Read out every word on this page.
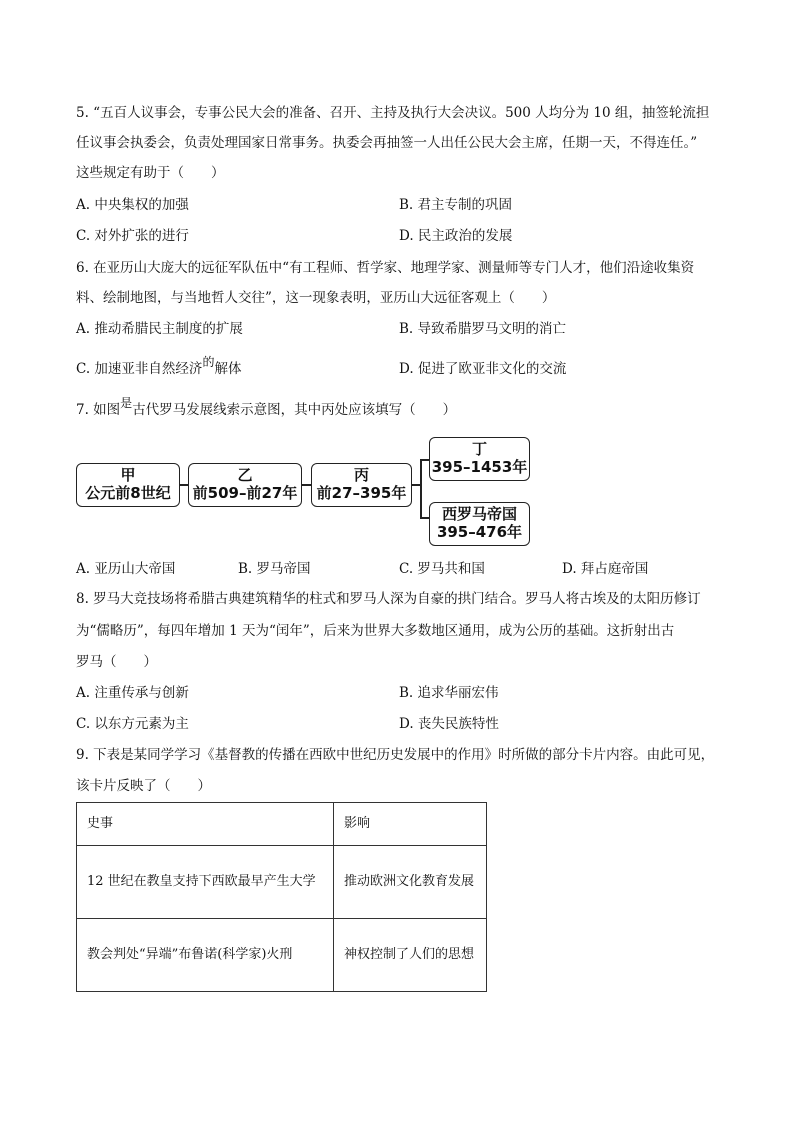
5. “五百人议事会，专事公民大会的准备、召开、主持及执行大会决议。500 人均分为 10 组，抽签轮流担
任议事会执委会，负责处理国家日常事务。执委会再抽签一人出任公民大会主席，任期一天，不得连任。”
这些规定有助于（　　）
A. 中央集权的加强	B. 君主专制的巩固
C. 对外扩张的进行	D. 民主政治的发展
6. 在亚历山大庞大的远征军队伍中“有工程师、哲学家、地理学家、测量师等专门人才，他们沿途收集资
料、绘制地图，与当地哲人交往”，这一现象表明，亚历山大远征客观上（　　）
A. 推动希腊民主制度的扩展	B. 导致希腊罗马文明的消亡
C. 加速亚非自然经济的解体	D. 促进了欧亚非文化的交流
7. 如图是古代罗马发展线索示意图，其中丙处应该填写（　　）
甲
公元前8世纪
乙
前509–前27年
丙
前27–395年
丁
395–1453年
西罗马帝国
395–476年
A. 亚历山大帝国	B. 罗马帝国	C. 罗马共和国	D. 拜占庭帝国
8. 罗马大竞技场将希腊古典建筑精华的柱式和罗马人深为自豪的拱门结合。罗马人将古埃及的太阳历修订
为“儒略历”，每四年增加 1 天为“闰年”，后来为世界大多数地区通用，成为公历的基础。这折射出古
罗马（　　）
A. 注重传承与创新	B. 追求华丽宏伟
C. 以东方元素为主	D. 丧失民族特性
9. 下表是某同学学习《基督教的传播在西欧中世纪历史发展中的作用》时所做的部分卡片内容。由此可见，
该卡片反映了（　　）
史事	影响
12 世纪在教皇支持下西欧最早产生大学	推动欧洲文化教育发展
教会判处“异端”布鲁诺(科学家)火刑	神权控制了人们的思想
